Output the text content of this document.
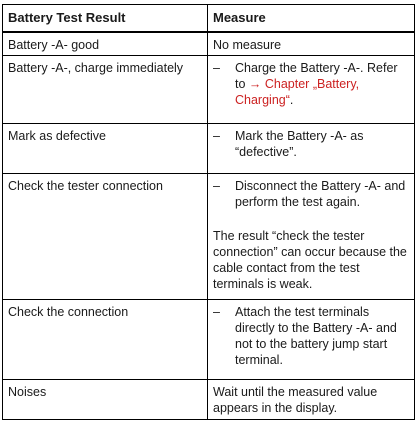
Battery Test Result	Measure

Battery -A- good	No measure

Battery -A-, charge immediately	– Charge the Battery -A-. Refer to → Chapter „Battery, Charging“.

Mark as defective	– Mark the Battery -A- as “defective”.

Check the tester connection	– Disconnect the Battery -A- and perform the test again.
The result “check the tester connection” can occur because the cable contact from the test terminals is weak.

Check the connection	– Attach the test terminals directly to the Battery -A- and not to the battery jump start terminal.

Noises	Wait until the measured value appears in the display.
